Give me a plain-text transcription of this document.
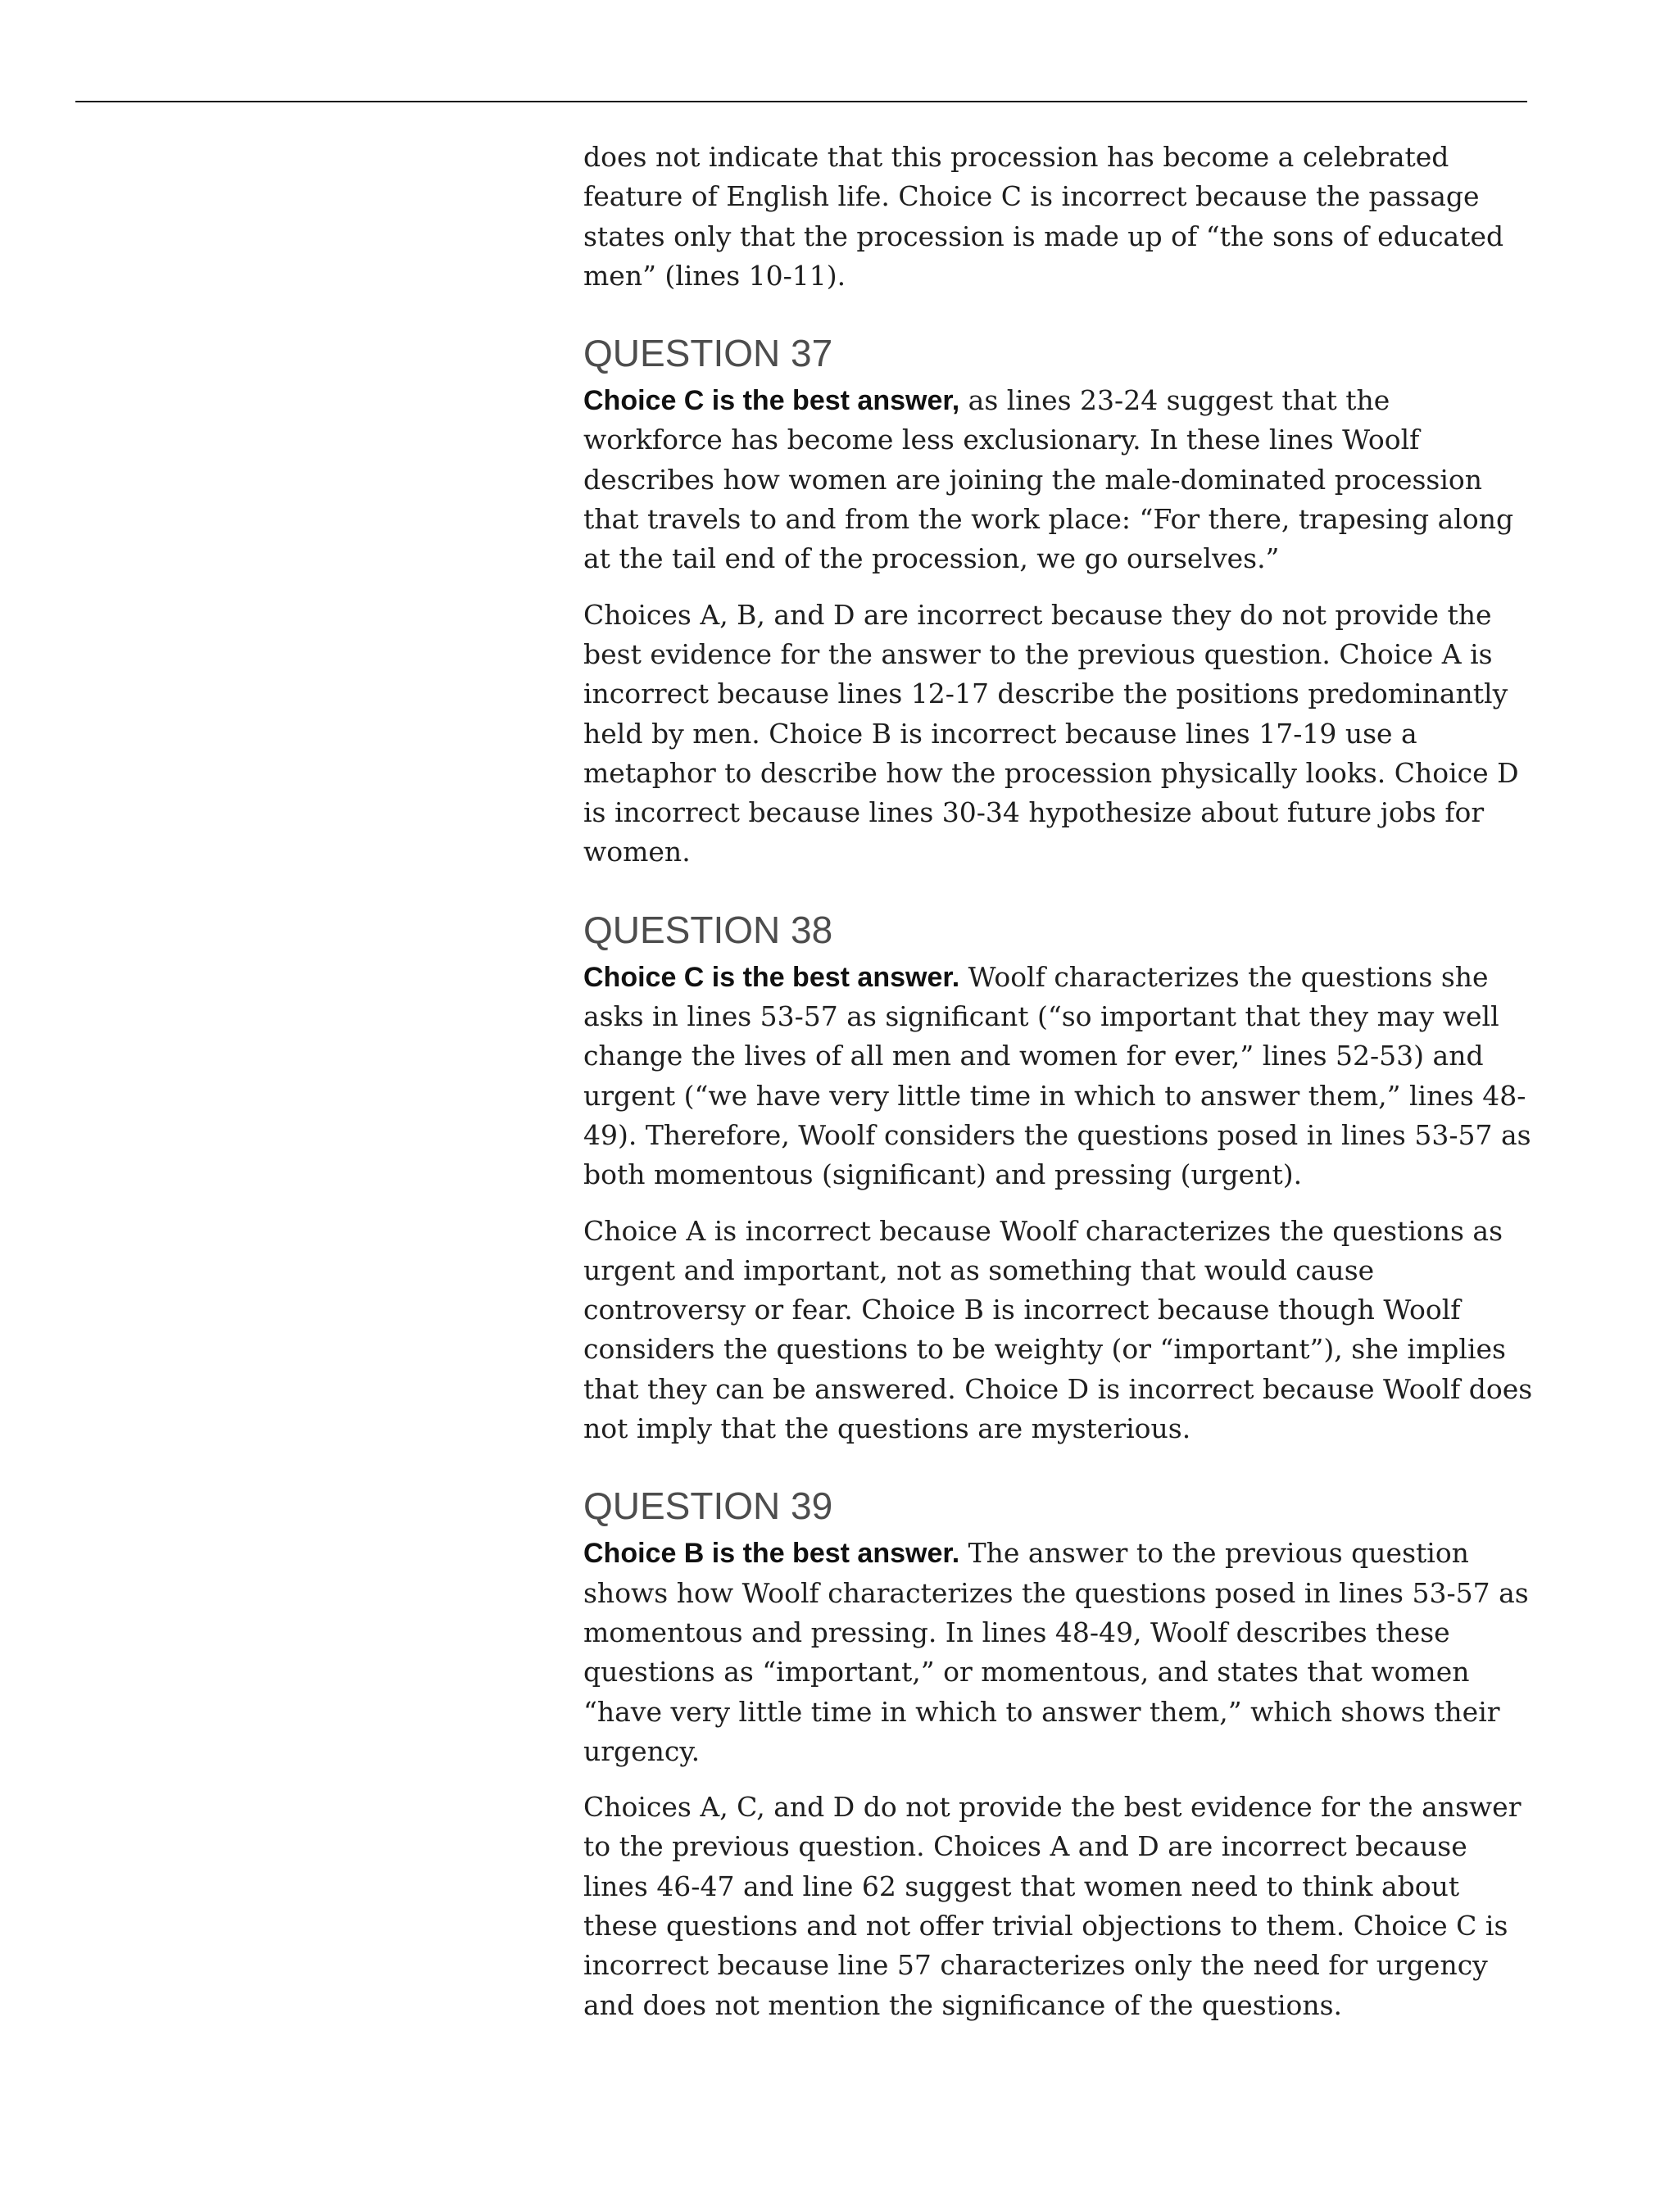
does not indicate that this procession has become a celebrated feature of English life. Choice C is incorrect because the passage states only that the procession is made up of “the sons of educated men” (lines 10-11).

QUESTION 37

Choice C is the best answer, as lines 23-24 suggest that the workforce has become less exclusionary. In these lines Woolf describes how women are joining the male-dominated procession that travels to and from the work place: “For there, trapesing along at the tail end of the procession, we go ourselves.”

Choices A, B, and D are incorrect because they do not provide the best evidence for the answer to the previous question. Choice A is incorrect because lines 12-17 describe the positions predominantly held by men. Choice B is incorrect because lines 17-19 use a metaphor to describe how the procession physically looks. Choice D is incorrect because lines 30-34 hypothesize about future jobs for women.

QUESTION 38

Choice C is the best answer. Woolf characterizes the questions she asks in lines 53-57 as significant (“so important that they may well change the lives of all men and women for ever,” lines 52-53) and urgent (“we have very little time in which to answer them,” lines 48-49). Therefore, Woolf considers the questions posed in lines 53-57 as both momentous (significant) and pressing (urgent).

Choice A is incorrect because Woolf characterizes the questions as urgent and important, not as something that would cause controversy or fear. Choice B is incorrect because though Woolf considers the questions to be weighty (or “important”), she implies that they can be answered. Choice D is incorrect because Woolf does not imply that the questions are mysterious.

QUESTION 39

Choice B is the best answer. The answer to the previous question shows how Woolf characterizes the questions posed in lines 53-57 as momentous and pressing. In lines 48-49, Woolf describes these questions as “important,” or momentous, and states that women “have very little time in which to answer them,” which shows their urgency.

Choices A, C, and D do not provide the best evidence for the answer to the previous question. Choices A and D are incorrect because lines 46-47 and line 62 suggest that women need to think about these questions and not offer trivial objections to them. Choice C is incorrect because line 57 characterizes only the need for urgency and does not mention the significance of the questions.
